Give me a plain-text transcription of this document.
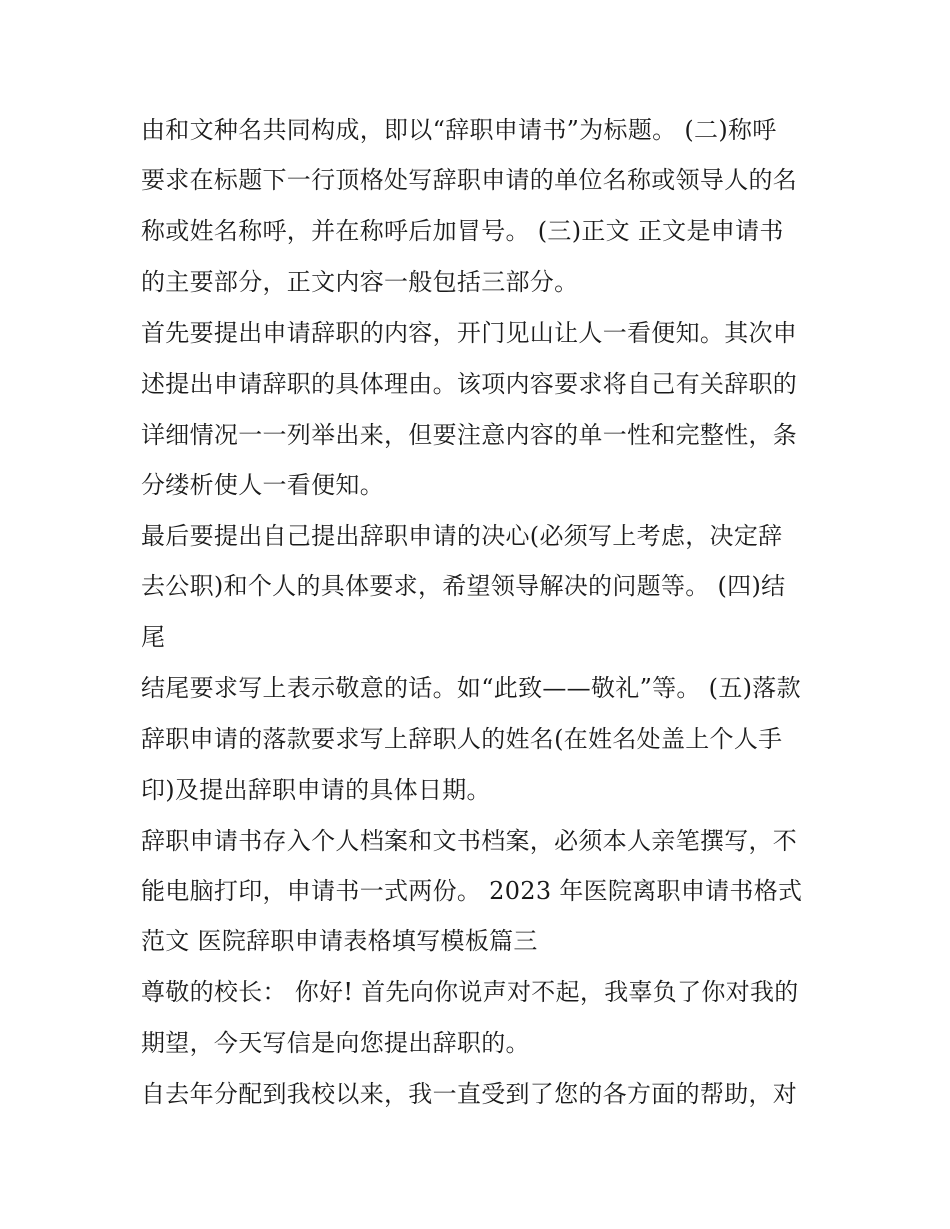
由和文种名共同构成，即以“辞职申请书”为标题。 (二)称呼
要求在标题下一行顶格处写辞职申请的单位名称或领导人的名
称或姓名称呼，并在称呼后加冒号。 (三)正文 正文是申请书
的主要部分，正文内容一般包括三部分。
首先要提出申请辞职的内容，开门见山让人一看便知。其次申
述提出申请辞职的具体理由。该项内容要求将自己有关辞职的
详细情况一一列举出来，但要注意内容的单一性和完整性，条
分缕析使人一看便知。
最后要提出自己提出辞职申请的决心(必须写上考虑，决定辞
去公职)和个人的具体要求，希望领导解决的问题等。 (四)结
尾
结尾要求写上表示敬意的话。如“此致——敬礼”等。 (五)落款
辞职申请的落款要求写上辞职人的姓名(在姓名处盖上个人手
印)及提出辞职申请的具体日期。
辞职申请书存入个人档案和文书档案，必须本人亲笔撰写，不
能电脑打印，申请书一式两份。 2023 年医院离职申请书格式
范文 医院辞职申请表格填写模板篇三
尊敬的校长： 你好! 首先向你说声对不起，我辜负了你对我的
期望，今天写信是向您提出辞职的。
自去年分配到我校以来，我一直受到了您的各方面的帮助，对
